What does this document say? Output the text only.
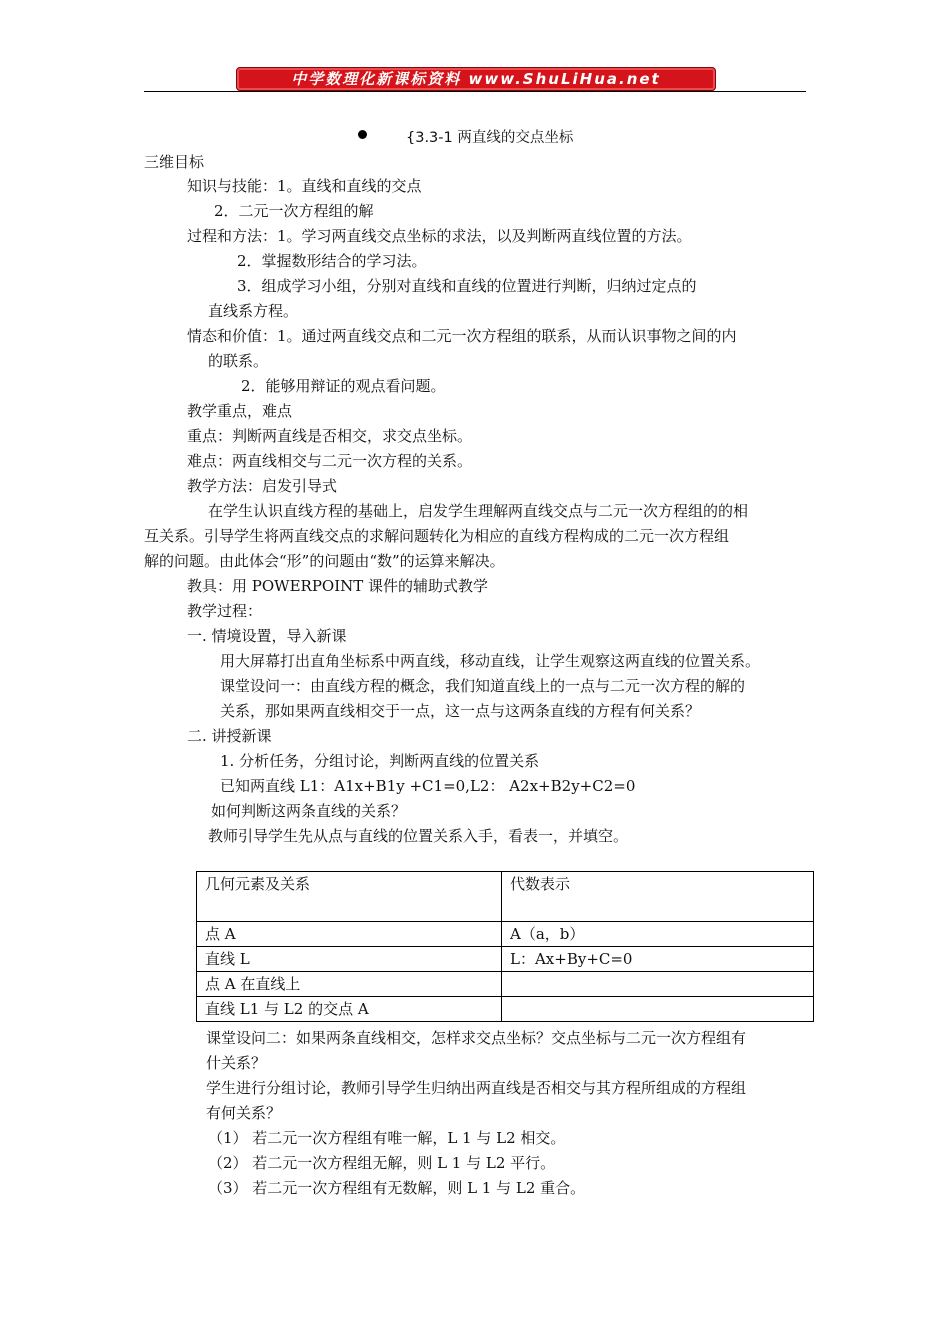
中学数理化新课标资料 www.ShuLiHua.net
{3.3-1 两直线的交点坐标
三维目标
知识与技能：1。直线和直线的交点
2．二元一次方程组的解
过程和方法：1。学习两直线交点坐标的求法，以及判断两直线位置的方法。
2．掌握数形结合的学习法。
3．组成学习小组，分别对直线和直线的位置进行判断，归纳过定点的
直线系方程。
情态和价值：1。通过两直线交点和二元一次方程组的联系，从而认识事物之间的内
的联系。
2．能够用辩证的观点看问题。
教学重点，难点
重点：判断两直线是否相交，求交点坐标。
难点：两直线相交与二元一次方程的关系。
教学方法：启发引导式
在学生认识直线方程的基础上，启发学生理解两直线交点与二元一次方程组的的相
互关系。引导学生将两直线交点的求解问题转化为相应的直线方程构成的二元一次方程组
解的问题。由此体会“形”的问题由“数”的运算来解决。
教具：用 POWERPOINT 课件的辅助式教学
教学过程：
一. 情境设置，导入新课
用大屏幕打出直角坐标系中两直线，移动直线，让学生观察这两直线的位置关系。
课堂设问一：由直线方程的概念，我们知道直线上的一点与二元一次方程的解的
关系，那如果两直线相交于一点，这一点与这两条直线的方程有何关系？
二. 讲授新课
1. 分析任务，分组讨论，判断两直线的位置关系
已知两直线 L1：A1x+B1y +C1=0,L2： A2x+B2y+C2=0
如何判断这两条直线的关系？
教师引导学生先从点与直线的位置关系入手，看表一，并填空。
几何元素及关系	代数表示
点 A	A（a，b）
直线 L	L：Ax+By+C=0
点 A 在直线上	
直线 L1 与 L2 的交点 A	
课堂设问二：如果两条直线相交，怎样求交点坐标？交点坐标与二元一次方程组有
什关系？
学生进行分组讨论，教师引导学生归纳出两直线是否相交与其方程所组成的方程组
有何关系？
（1） 若二元一次方程组有唯一解，L 1 与 L2 相交。
（2） 若二元一次方程组无解，则 L 1 与 L2 平行。
（3） 若二元一次方程组有无数解，则 L 1 与 L2 重合。
